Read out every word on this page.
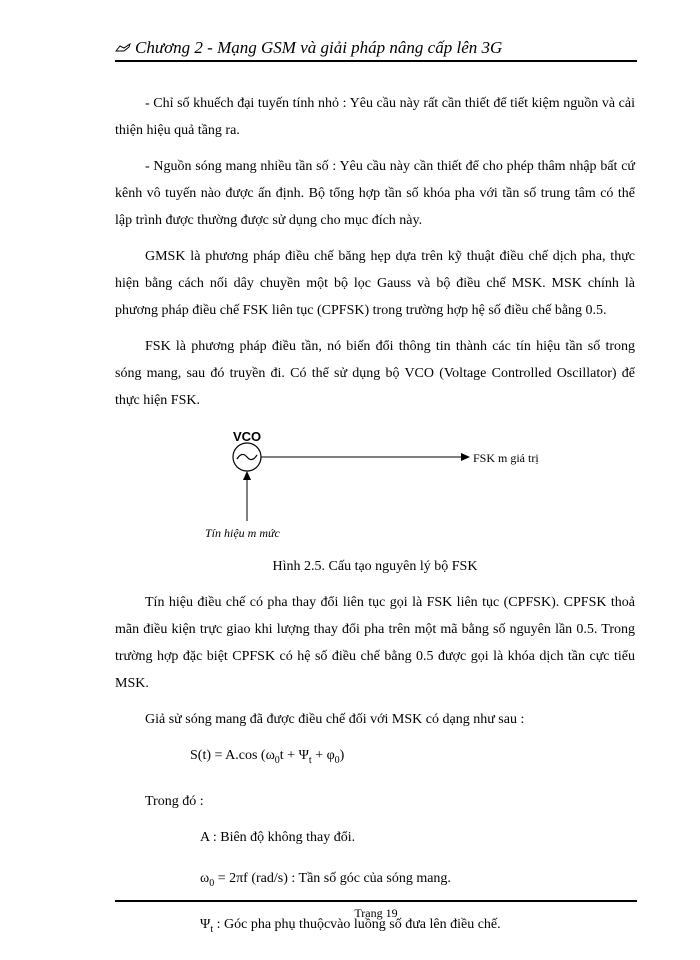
Chương 2 - Mạng GSM và giải pháp nâng cấp lên 3G

- Chỉ số khuếch đại tuyến tính nhỏ : Yêu cầu này rất cần thiết để tiết kiệm nguồn và cải thiện hiệu quả tầng ra.

- Nguồn sóng mang nhiều tần số : Yêu cầu này cần thiết để cho phép thâm nhập bất cứ kênh vô tuyến nào được ấn định. Bộ tổng hợp tần số khóa pha với tần số trung tâm có thể lập trình được thường được sử dụng cho mục đích này.

GMSK là phương pháp điều chế băng hẹp dựa trên kỹ thuật điều chế dịch pha, thực hiện bằng cách nối dây chuyền một bộ lọc Gauss và bộ điều chế MSK. MSK chính là phương pháp điều chế FSK liên tục (CPFSK) trong trường hợp hệ số điều chế bằng 0.5.

FSK là phương pháp điều tần, nó biến đổi thông tin thành các tín hiệu tần số trong sóng mang, sau đó truyền đi. Có thể sử dụng bộ VCO (Voltage Controlled Oscillator) để thực hiện FSK.

VCO
FSK m giá trị
Tín hiệu m mức

Hình 2.5. Cấu tạo nguyên lý bộ FSK

Tín hiệu điều chế có pha thay đổi liên tục gọi là FSK liên tục (CPFSK). CPFSK thoả mãn điều kiện trực giao khi lượng thay đổi pha trên một mã bằng số nguyên lần 0.5. Trong trường hợp đặc biệt CPFSK có hệ số điều chế bằng 0.5 được gọi là khóa dịch tần cực tiểu MSK.

Giả sử sóng mang đã được điều chế đối với MSK có dạng như sau :

S(t) = A.cos $(\omega_0t + \Psi_t + \varphi_0)$

Trong đó :

A : Biên độ không thay đổi.
$\omega_0 = 2\pi f$ (rad/s) : Tần số góc của sóng mang.
$\Psi_t$ : Góc pha phụ thuộcvào luồng số đưa lên điều chế.
Trang 19
